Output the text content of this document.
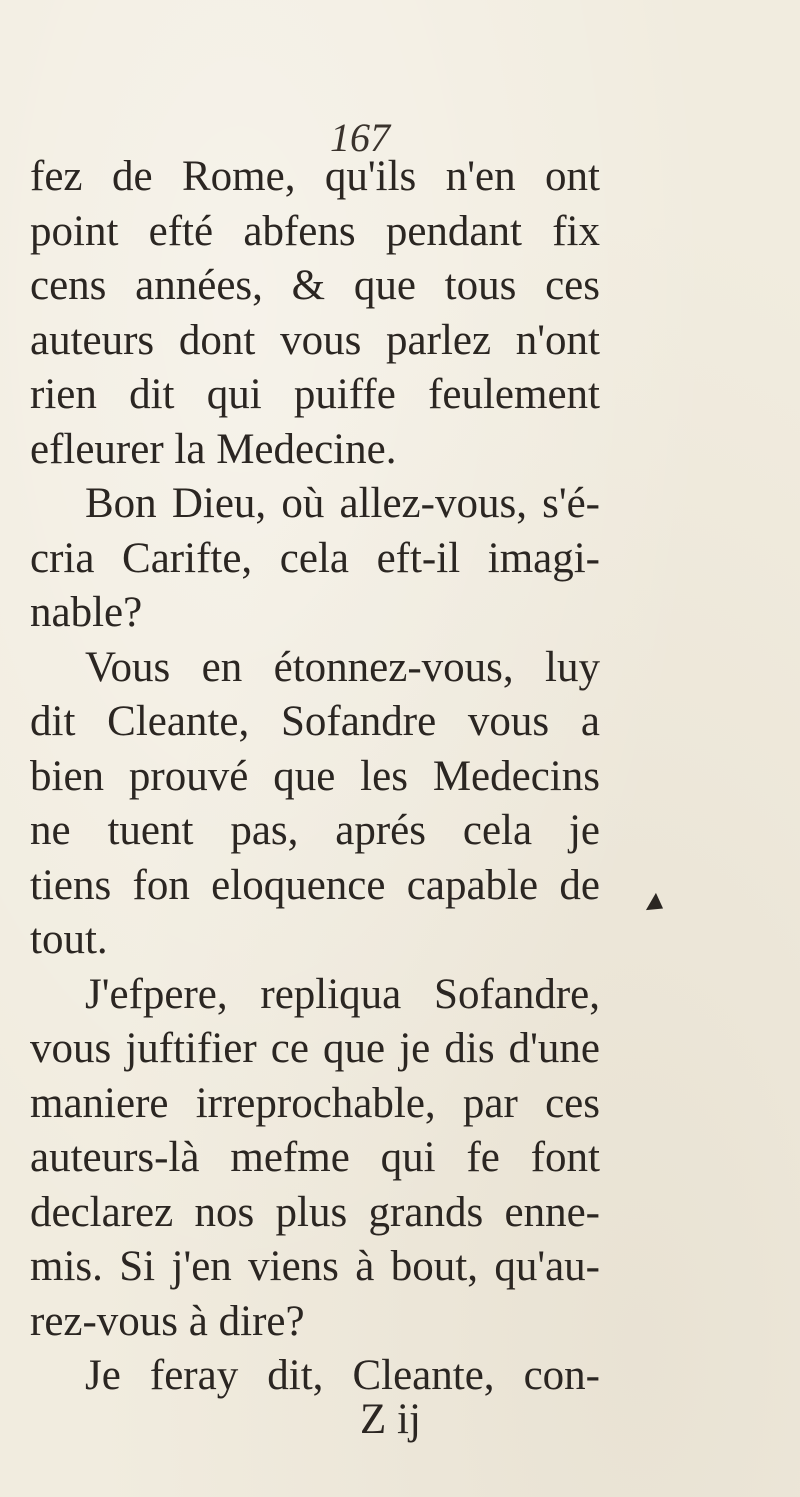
167
fez de Rome, qu'ils n'en ont
point efté abfens pendant fix
cens années, & que tous ces
auteurs dont vous parlez n'ont
rien dit qui puiffe feulement
efleurer la Medecine.
Bon Dieu, où allez-vous, s'é-
cria Carifte, cela eft-il imagi-
nable?
Vous en étonnez-vous, luy
dit Cleante, Sofandre vous a
bien prouvé que les Medecins
ne tuent pas, aprés cela je
tiens fon eloquence capable de
tout.
J'efpere, repliqua Sofandre,
vous juftifier ce que je dis d'une
maniere irreprochable, par ces
auteurs-là mefme qui fe font
declarez nos plus grands enne-
mis. Si j'en viens à bout, qu'au-
rez-vous à dire?
Je feray dit, Cleante, con-
Z ij
